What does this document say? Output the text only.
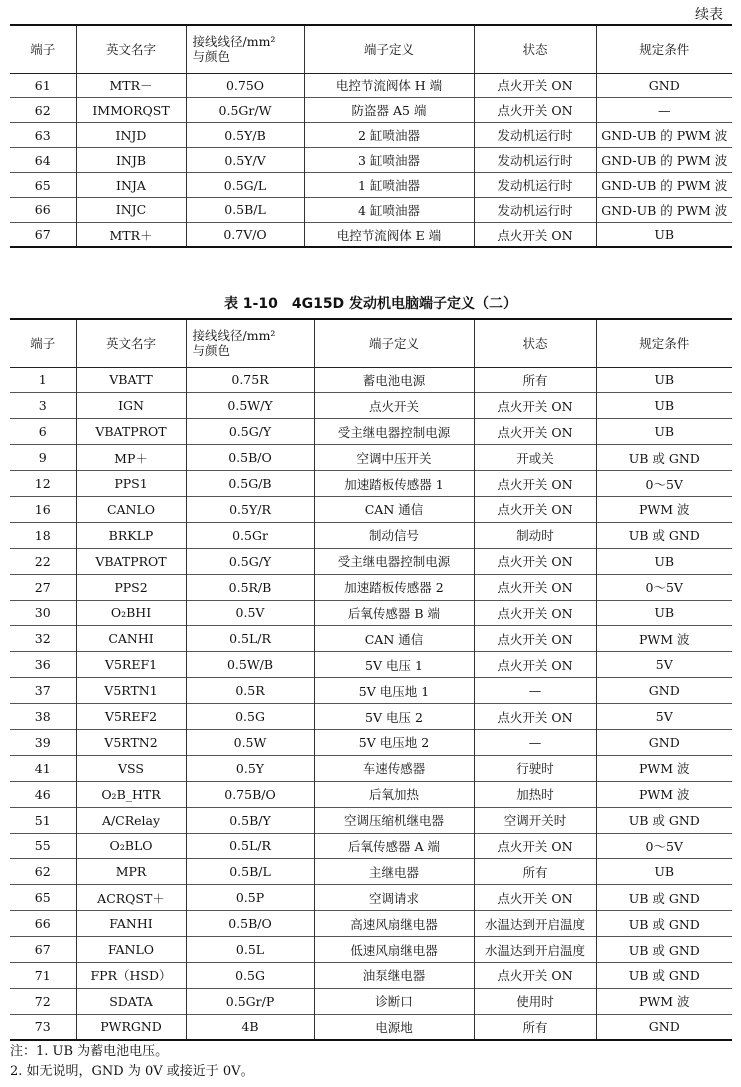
续表
端子	英文名字	接线线径/mm²
与颜色	端子定义	状态	规定条件
61	MTR－	0.75O	电控节流阀体 H 端	点火开关 ON	GND
62	IMMORQST	0.5Gr/W	防盗器 A5 端	点火开关 ON	—
63	INJD	0.5Y/B	2 缸喷油器	发动机运行时	GND-UB 的 PWM 波
64	INJB	0.5Y/V	3 缸喷油器	发动机运行时	GND-UB 的 PWM 波
65	INJA	0.5G/L	1 缸喷油器	发动机运行时	GND-UB 的 PWM 波
66	INJC	0.5B/L	4 缸喷油器	发动机运行时	GND-UB 的 PWM 波
67	MTR＋	0.7V/O	电控节流阀体 E 端	点火开关 ON	UB
表 1-10　4G15D 发动机电脑端子定义（二）
端子	英文名字	接线线径/mm²
与颜色	端子定义	状态	规定条件
1	VBATT	0.75R	蓄电池电源	所有	UB
3	IGN	0.5W/Y	点火开关	点火开关 ON	UB
6	VBATPROT	0.5G/Y	受主继电器控制电源	点火开关 ON	UB
9	MP＋	0.5B/O	空调中压开关	开或关	UB 或 GND
12	PPS1	0.5G/B	加速踏板传感器 1	点火开关 ON	0～5V
16	CANLO	0.5Y/R	CAN 通信	点火开关 ON	PWM 波
18	BRKLP	0.5Gr	制动信号	制动时	UB 或 GND
22	VBATPROT	0.5G/Y	受主继电器控制电源	点火开关 ON	UB
27	PPS2	0.5R/B	加速踏板传感器 2	点火开关 ON	0～5V
30	O₂BHI	0.5V	后氧传感器 B 端	点火开关 ON	UB
32	CANHI	0.5L/R	CAN 通信	点火开关 ON	PWM 波
36	V5REF1	0.5W/B	5V 电压 1	点火开关 ON	5V
37	V5RTN1	0.5R	5V 电压地 1	—	GND
38	V5REF2	0.5G	5V 电压 2	点火开关 ON	5V
39	V5RTN2	0.5W	5V 电压地 2	—	GND
41	VSS	0.5Y	车速传感器	行驶时	PWM 波
46	O₂B_HTR	0.75B/O	后氧加热	加热时	PWM 波
51	A/CRelay	0.5B/Y	空调压缩机继电器	空调开关时	UB 或 GND
55	O₂BLO	0.5L/R	后氧传感器 A 端	点火开关 ON	0～5V
62	MPR	0.5B/L	主继电器	所有	UB
65	ACRQST＋	0.5P	空调请求	点火开关 ON	UB 或 GND
66	FANHI	0.5B/O	高速风扇继电器	水温达到开启温度	UB 或 GND
67	FANLO	0.5L	低速风扇继电器	水温达到开启温度	UB 或 GND
71	FPR（HSD）	0.5G	油泵继电器	点火开关 ON	UB 或 GND
72	SDATA	0.5Gr/P	诊断口	使用时	PWM 波
73	PWRGND	4B	电源地	所有	GND
注：1. UB 为蓄电池电压。
2. 如无说明，GND 为 0V 或接近于 0V。
